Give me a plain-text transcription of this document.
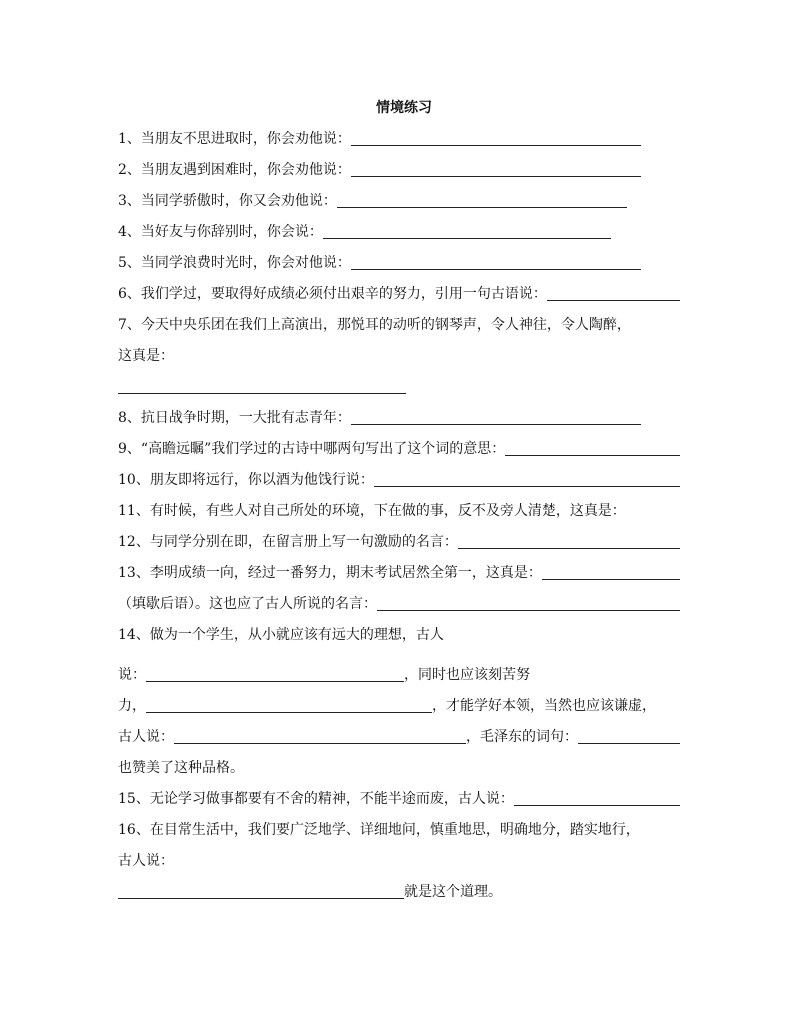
情境练习
1、当朋友不思进取时，你会劝他说：
2、当朋友遇到困难时，你会劝他说：
3、当同学骄傲时，你又会劝他说：
4、当好友与你辞别时，你会说：
5、当同学浪费时光时，你会对他说：
6、我们学过，要取得好成绩必须付出艰辛的努力，引用一句古语说：
7、今天中央乐团在我们上高演出，那悦耳的动听的钢琴声，令人神往，令人陶醉，
这真是：
8、抗日战争时期，一大批有志青年：
9、“高瞻远瞩”我们学过的古诗中哪两句写出了这个词的意思：
10、朋友即将远行，你以酒为他饯行说：
11、有时候，有些人对自己所处的环境，下在做的事，反不及旁人清楚，这真是：
12、与同学分别在即，在留言册上写一句激励的名言：
13、李明成绩一向，经过一番努力，期末考试居然全第一，这真是：
（填歇后语）。这也应了古人所说的名言：
14、做为一个学生，从小就应该有远大的理想，古人
说：	，同时也应该刻苦努
力，	，才能学好本领，当然也应该谦虚，
古人说：	，毛泽东的词句：
也赞美了这种品格。
15、无论学习做事都要有不舍的精神，不能半途而废，古人说：
16、在目常生活中，我们要广泛地学、详细地问，慎重地思，明确地分，踏实地行，
古人说：
就是这个道理。
